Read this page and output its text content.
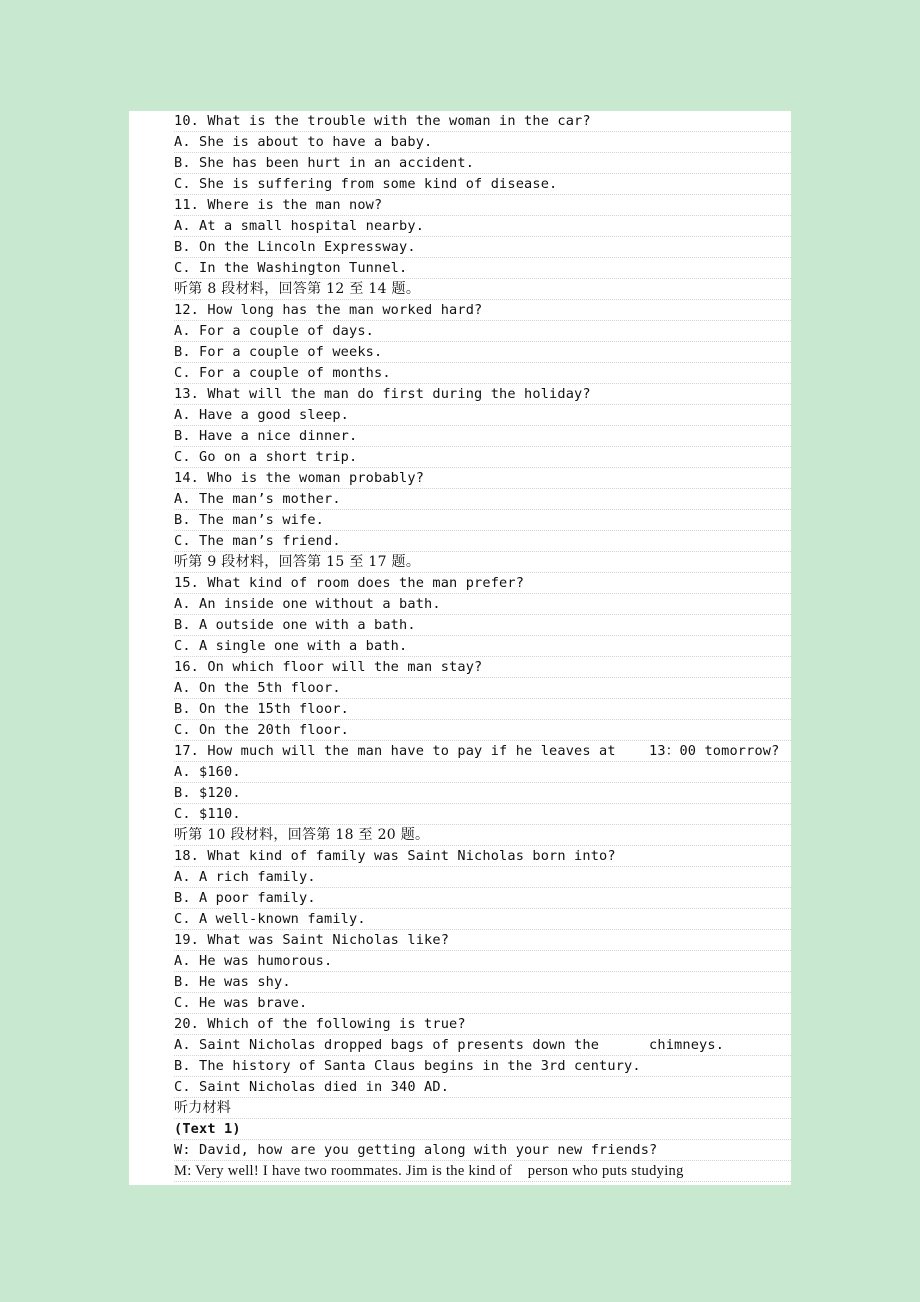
10. What is the trouble with the woman in the car?
A. She is about to have a baby.
B. She has been hurt in an accident.
C. She is suffering from some kind of disease.
11. Where is the man now?
A. At a small hospital nearby.
B. On the Lincoln Expressway.
C. In the Washington Tunnel.
听第 8 段材料，回答第 12 至 14 题。
12. How long has the man worked hard?
A. For a couple of days.
B. For a couple of weeks.
C. For a couple of months.
13. What will the man do first during the holiday?
A. Have a good sleep.
B. Have a nice dinner.
C. Go on a short trip.
14. Who is the woman probably?
A. The man’s mother.
B. The man’s wife.
C. The man’s friend.
听第 9 段材料，回答第 15 至 17 题。
15. What kind of room does the man prefer?
A. An inside one without a bath.
B. A outside one with a bath.
C. A single one with a bath.
16. On which floor will the man stay?
A. On the 5th floor.
B. On the 15th floor.
C. On the 20th floor.
17. How much will the man have to pay if he leaves at    13：00 tomorrow?
A. $160.
B. $120.
C. $110.
听第 10 段材料，回答第 18 至 20 题。
18. What kind of family was Saint Nicholas born into?
A. A rich family.
B. A poor family.
C. A well-known family.
19. What was Saint Nicholas like?
A. He was humorous.
B. He was shy.
C. He was brave.
20. Which of the following is true?
A. Saint Nicholas dropped bags of presents down the      chimneys.
B. The history of Santa Claus begins in the 3rd century.
C. Saint Nicholas died in 340 AD.
听力材料
(Text 1)
W: David, how are you getting along with your new friends?
M: Very well! I have two roommates. Jim is the kind of    person who puts studying
